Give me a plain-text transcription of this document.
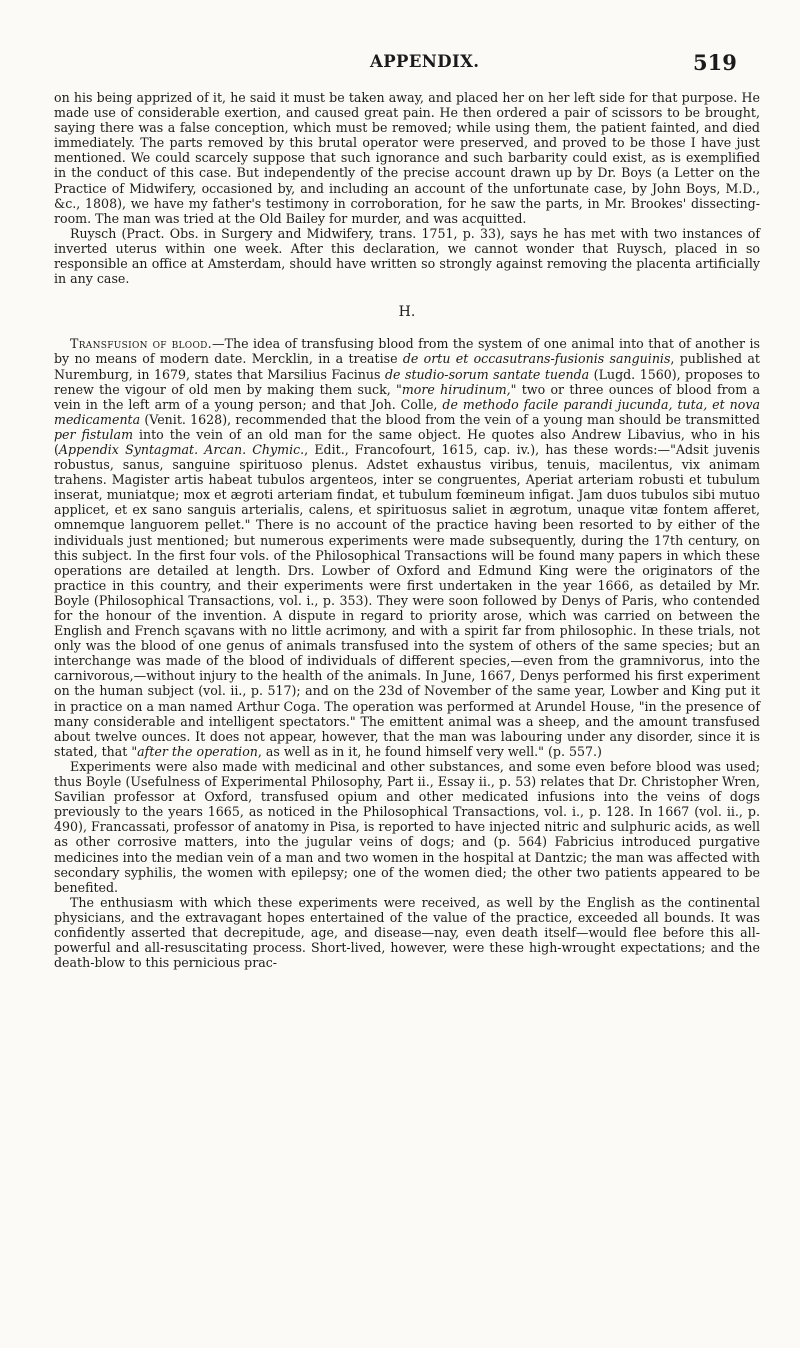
APPENDIX.	519

on his being apprized of it, he said it must be taken away, and placed her on her left side for that purpose. He made use of considerable exertion, and caused great pain. He then ordered a pair of scissors to be brought, saying there was a false conception, which must be removed; while using them, the patient fainted, and died immediately. The parts removed by this brutal operator were preserved, and proved to be those I have just mentioned. We could scarcely suppose that such ignorance and such barbarity could exist, as is exemplified in the conduct of this case. But independently of the precise account drawn up by Dr. Boys (a Letter on the Practice of Midwifery, occasioned by, and including an account of the unfortunate case, by John Boys, M.D., &c., 1808), we have my father's testimony in corroboration, for he saw the parts, in Mr. Brookes' dissecting-room. The man was tried at the Old Bailey for murder, and was acquitted.

Ruysch (Pract. Obs. in Surgery and Midwifery, trans. 1751, p. 33), says he has met with two instances of inverted uterus within one week. After this declaration, we cannot wonder that Ruysch, placed in so responsible an office at Amsterdam, should have written so strongly against removing the placenta artificially in any case.

H.

Transfusion of blood.—The idea of transfusing blood from the system of one animal into that of another is by no means of modern date. Mercklin, in a treatise de ortu et occasutrans-fusionis sanguinis, published at Nuremburg, in 1679, states that Marsilius Facinus de studio-sorum santate tuenda (Lugd. 1560), proposes to renew the vigour of old men by making them suck, "more hirudinum," two or three ounces of blood from a vein in the left arm of a young person; and that Joh. Colle, de methodo facile parandi jucunda, tuta, et nova medicamenta (Venit. 1628), recommended that the blood from the vein of a young man should be transmitted per fistulam into the vein of an old man for the same object. He quotes also Andrew Libavius, who in his (Appendix Syntagmat. Arcan. Chymic., Edit., Francofourt, 1615, cap. iv.), has these words:—"Adsit juvenis robustus, sanus, sanguine spirituoso plenus. Adstet exhaustus viribus, tenuis, macilentus, vix animam trahens. Magister artis habeat tubulos argenteos, inter se congruentes, Aperiat arteriam robusti et tubulum inserat, muniatque; mox et ægroti arteriam findat, et tubulum fœmineum infigat. Jam duos tubulos sibi mutuo applicet, et ex sano sanguis arterialis, calens, et spirituosus saliet in ægrotum, unaque vitæ fontem afferet, omnemque languorem pellet." There is no account of the practice having been resorted to by either of the individuals just mentioned; but numerous experiments were made subsequently, during the 17th century, on this subject. In the first four vols. of the Philosophical Transactions will be found many papers in which these operations are detailed at length. Drs. Lowber of Oxford and Edmund King were the originators of the practice in this country, and their experiments were first undertaken in the year 1666, as detailed by Mr. Boyle (Philosophical Transactions, vol. i., p. 353). They were soon followed by Denys of Paris, who contended for the honour of the invention. A dispute in regard to priority arose, which was carried on between the English and French sçavans with no little acrimony, and with a spirit far from philosophic. In these trials, not only was the blood of one genus of animals transfused into the system of others of the same species; but an interchange was made of the blood of individuals of different species,—even from the gramnivorus, into the carnivorous,—without injury to the health of the animals. In June, 1667, Denys performed his first experiment on the human subject (vol. ii., p. 517); and on the 23d of November of the same year, Lowber and King put it in practice on a man named Arthur Coga. The operation was performed at Arundel House, "in the presence of many considerable and intelligent spectators." The emittent animal was a sheep, and the amount transfused about twelve ounces. It does not appear, however, that the man was labouring under any disorder, since it is stated, that "after the operation, as well as in it, he found himself very well." (p. 557.)

Experiments were also made with medicinal and other substances, and some even before blood was used; thus Boyle (Usefulness of Experimental Philosophy, Part ii., Essay ii., p. 53) relates that Dr. Christopher Wren, Savilian professor at Oxford, transfused opium and other medicated infusions into the veins of dogs previously to the years 1665, as noticed in the Philosophical Transactions, vol. i., p. 128. In 1667 (vol. ii., p. 490), Francassati, professor of anatomy in Pisa, is reported to have injected nitric and sulphuric acids, as well as other corrosive matters, into the jugular veins of dogs; and (p. 564) Fabricius introduced purgative medicines into the median vein of a man and two women in the hospital at Dantzic; the man was affected with secondary syphilis, the women with epilepsy; one of the women died; the other two patients appeared to be benefited.

The enthusiasm with which these experiments were received, as well by the English as the continental physicians, and the extravagant hopes entertained of the value of the practice, exceeded all bounds. It was confidently asserted that decrepitude, age, and disease—nay, even death itself—would flee before this all-powerful and all-resuscitating process. Short-lived, however, were these high-wrought expectations; and the death-blow to this pernicious prac-
